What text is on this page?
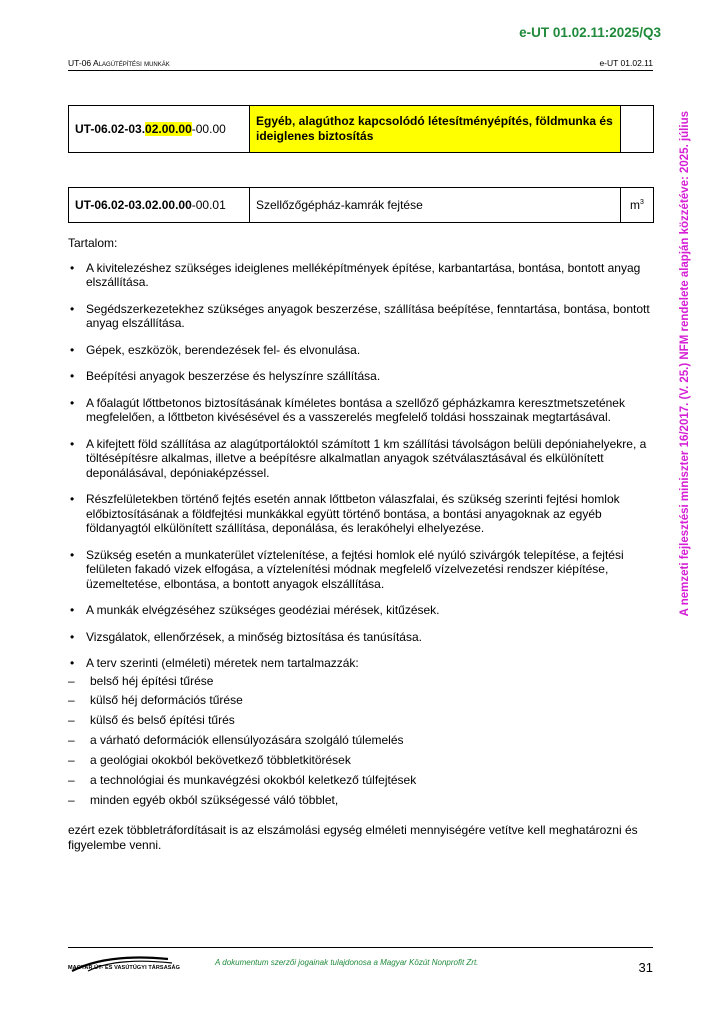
e-UT 01.02.11:2025/Q3
UT-06 Alagútépítési munkák	e-UT 01.02.11
A nemzeti fejlesztési miniszter 16/2017. (V. 25.) NFM rendelete alapján közzétéve: 2025. július
UT-06.02-03.02.00.00-00.00	Egyéb, alagúthoz kapcsolódó létesítményépítés, földmunka és ideiglenes biztosítás	
UT-06.02-03.02.00.00-00.01	Szellőzőgépház-kamrák fejtése	$m^3$

Tartalom:

• A kivitelezéshez szükséges ideiglenes melléképítmények építése, karbantartása, bontása, bontott anyag elszállítása.
• Segédszerkezetekhez szükséges anyagok beszerzése, szállítása beépítése, fenntartása, bontása, bontott anyag elszállítása.
• Gépek, eszközök, berendezések fel- és elvonulása.
• Beépítési anyagok beszerzése és helyszínre szállítása.
• A főalagút lőttbetonos biztosításának kíméletes bontása a szellőző gépházkamra keresztmetszetének megfelelően, a lőttbeton kivésésével és a vasszerelés megfelelő toldási hosszainak megtartásával.
• A kifejtett föld szállítása az alagútportáloktól számított 1 km szállítási távolságon belüli depóniahelyekre, a töltésépítésre alkalmas, illetve a beépítésre alkalmatlan anyagok szétválasztásával és elkülönített deponálásával, depóniaképzéssel.
• Részfelületekben történő fejtés esetén annak lőttbeton válaszfalai, és szükség szerinti fejtési homlok előbiztosításának a földfejtési munkákkal együtt történő bontása, a bontási anyagoknak az egyéb földanyagtól elkülönített szállítása, deponálása, és lerakóhelyi elhelyezése.
• Szükség esetén a munkaterület víztelenítése, a fejtési homlok elé nyúló szivárgók telepítése, a fejtési felületen fakadó vizek elfogása, a víztelenítési módnak megfelelő vízelvezetési rendszer kiépítése, üzemeltetése, elbontása, a bontott anyagok elszállítása.
• A munkák elvégzéséhez szükséges geodéziai mérések, kitűzések.
• Vizsgálatok, ellenőrzések, a minőség biztosítása és tanúsítása.
• A terv szerinti (elméleti) méretek nem tartalmazzák:
– belső héj építési tűrése
– külső héj deformációs tűrése
– külső és belső építési tűrés
– a várható deformációk ellensúlyozására szolgáló túlemelés
– a geológiai okokból bekövetkező többletkitörések
– a technológiai és munkavégzési okokból keletkező túlfejtések
– minden egyéb okból szükségessé váló többlet,

ezért ezek többletráfordításait is az elszámolási egység elméleti mennyiségére vetítve kell meghatározni és figyelembe venni.

MAGYAR ÚT- ÉS VASÚTÜGYI TÁRSASÁG
A dokumentum szerzői jogainak tulajdonosa a Magyar Közút Nonprofit Zrt.	31
